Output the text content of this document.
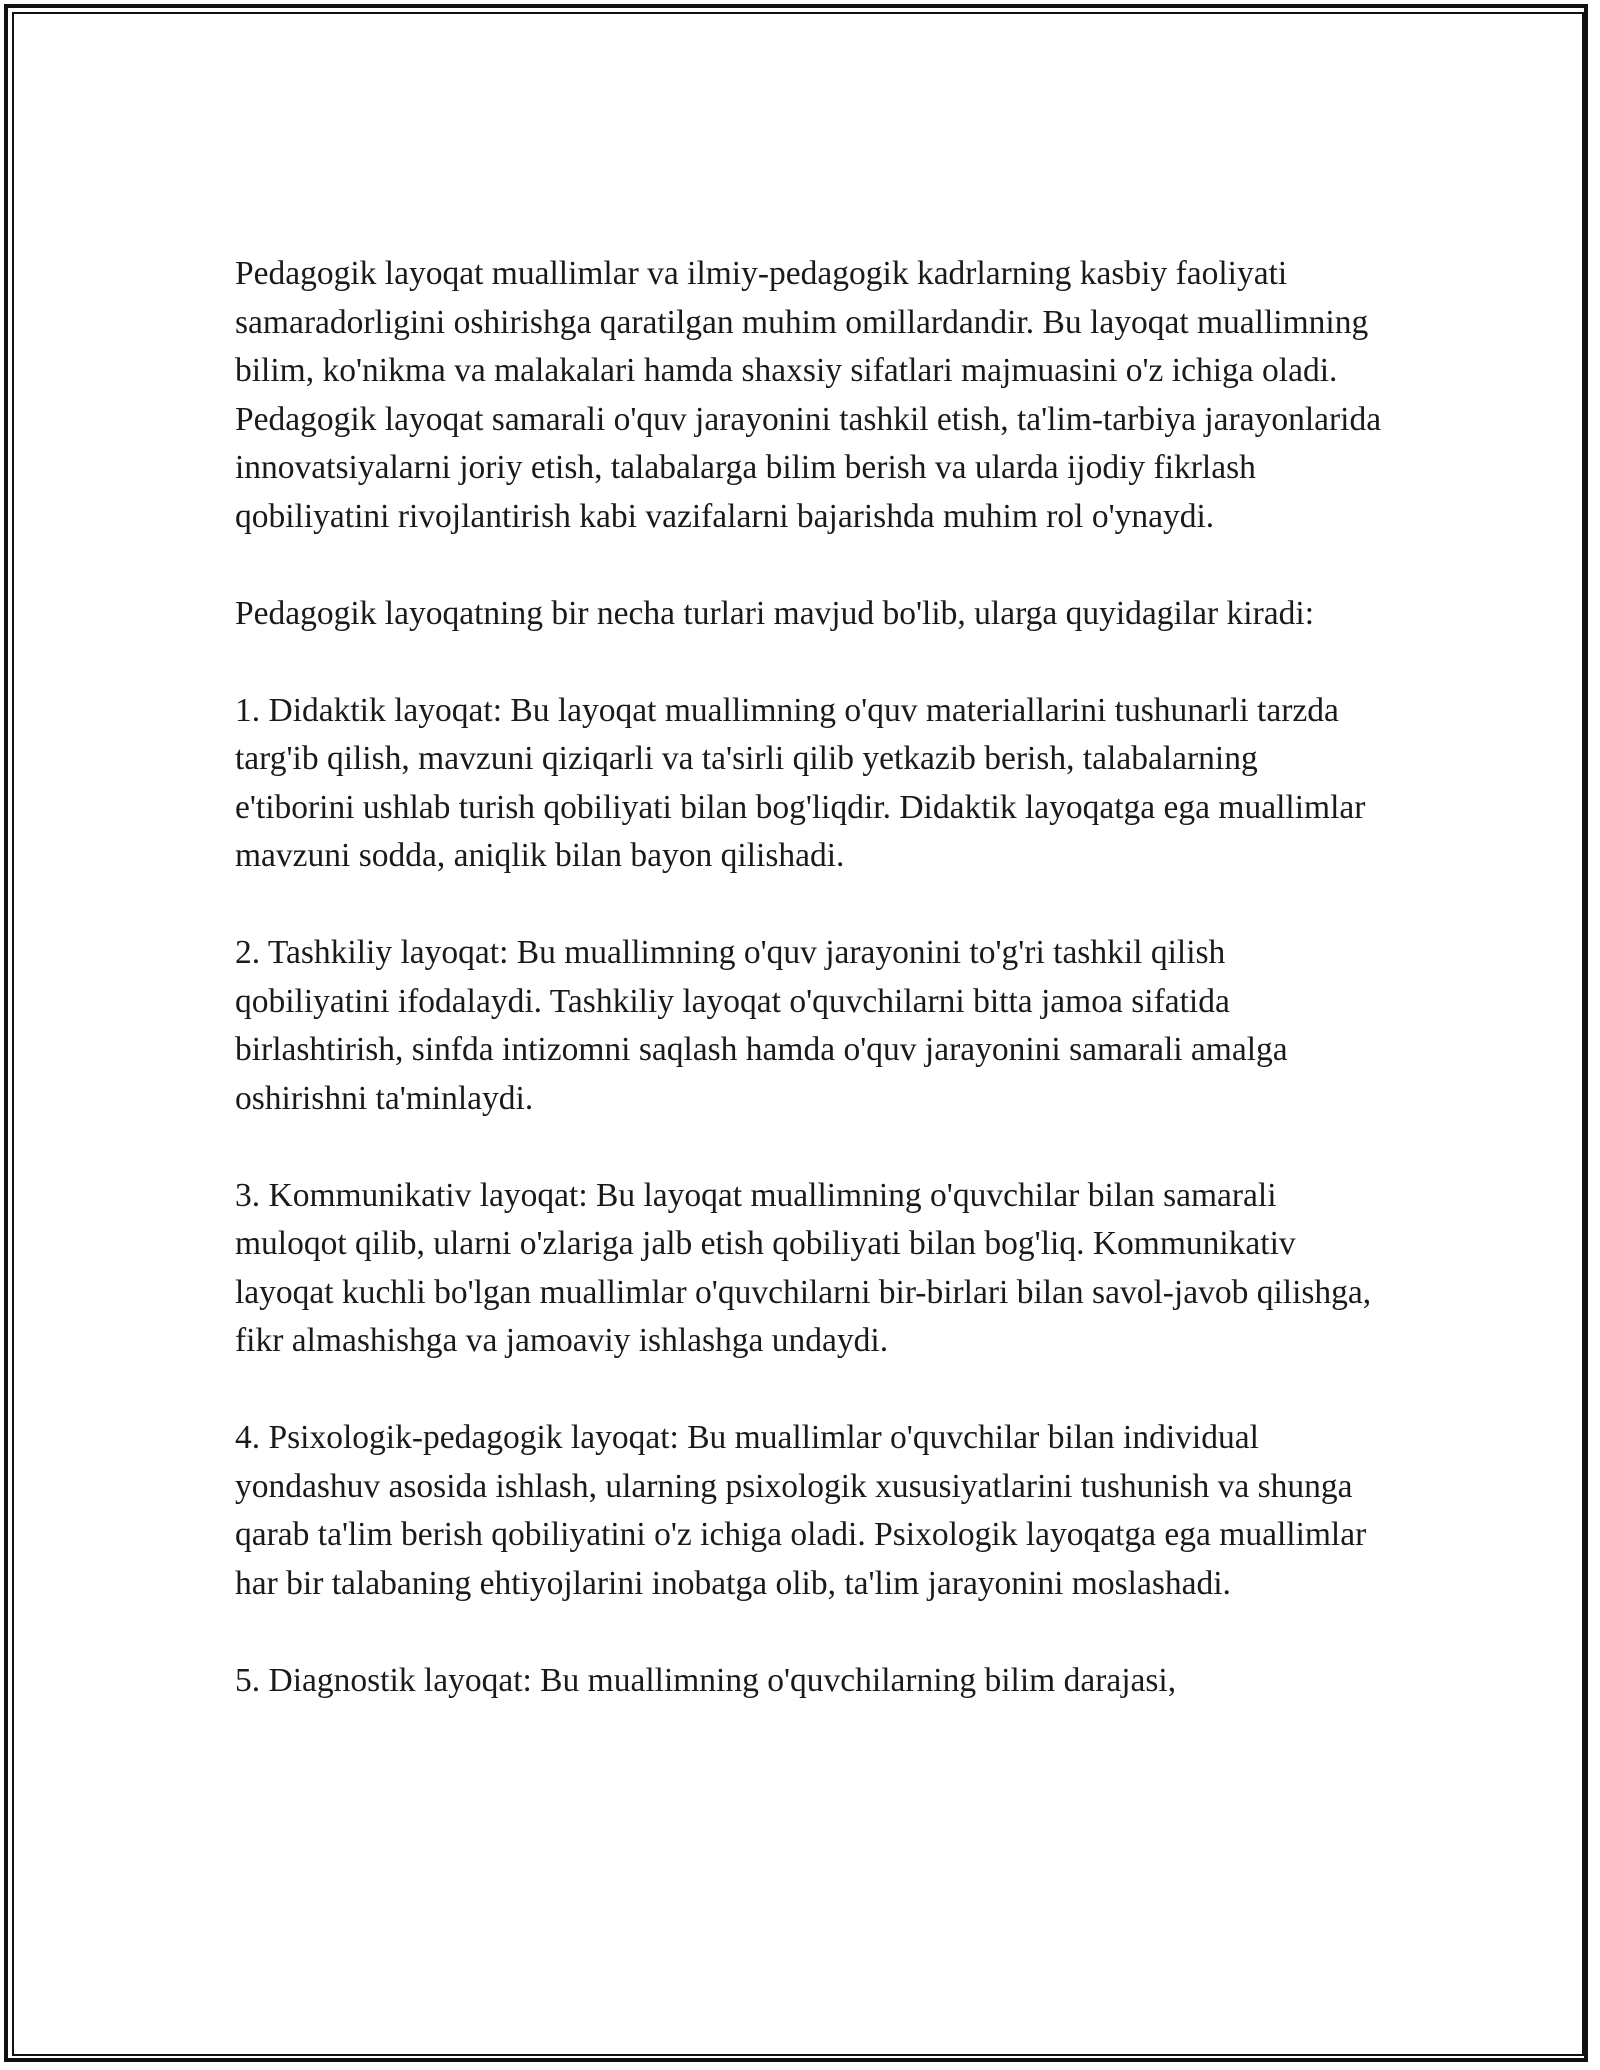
Pedagogik layoqat muallimlar va ilmiy-pedagogik kadrlarning kasbiy faoliyati samaradorligini oshirishga qaratilgan muhim omillardandir. Bu layoqat muallimning bilim, ko'nikma va malakalari hamda shaxsiy sifatlari majmuasini o'z ichiga oladi. Pedagogik layoqat samarali o'quv jarayonini tashkil etish, ta'lim-tarbiya jarayonlarida innovatsiyalarni joriy etish, talabalarga bilim berish va ularda ijodiy fikrlash qobiliyatini rivojlantirish kabi vazifalarni bajarishda muhim rol o'ynaydi.

Pedagogik layoqatning bir necha turlari mavjud bo'lib, ularga quyidagilar kiradi:

1. Didaktik layoqat: Bu layoqat muallimning o'quv materiallarini tushunarli tarzda targ'ib qilish, mavzuni qiziqarli va ta'sirli qilib yetkazib berish, talabalarning e'tiborini ushlab turish qobiliyati bilan bog'liqdir. Didaktik layoqatga ega muallimlar mavzuni sodda, aniqlik bilan bayon qilishadi.

2. Tashkiliy layoqat: Bu muallimning o'quv jarayonini to'g'ri tashkil qilish qobiliyatini ifodalaydi. Tashkiliy layoqat o'quvchilarni bitta jamoa sifatida birlashtirish, sinfda intizomni saqlash hamda o'quv jarayonini samarali amalga oshirishni ta'minlaydi.

3. Kommunikativ layoqat: Bu layoqat muallimning o'quvchilar bilan samarali muloqot qilib, ularni o'zlariga jalb etish qobiliyati bilan bog'liq. Kommunikativ layoqat kuchli bo'lgan muallimlar o'quvchilarni bir-birlari bilan savol-javob qilishga, fikr almashishga va jamoaviy ishlashga undaydi.

4. Psixologik-pedagogik layoqat: Bu muallimlar o'quvchilar bilan individual yondashuv asosida ishlash, ularning psixologik xususiyatlarini tushunish va shunga qarab ta'lim berish qobiliyatini o'z ichiga oladi. Psixologik layoqatga ega muallimlar har bir talabaning ehtiyojlarini inobatga olib, ta'lim jarayonini moslashadi.

5. Diagnostik layoqat: Bu muallimning o'quvchilarning bilim darajasi,
